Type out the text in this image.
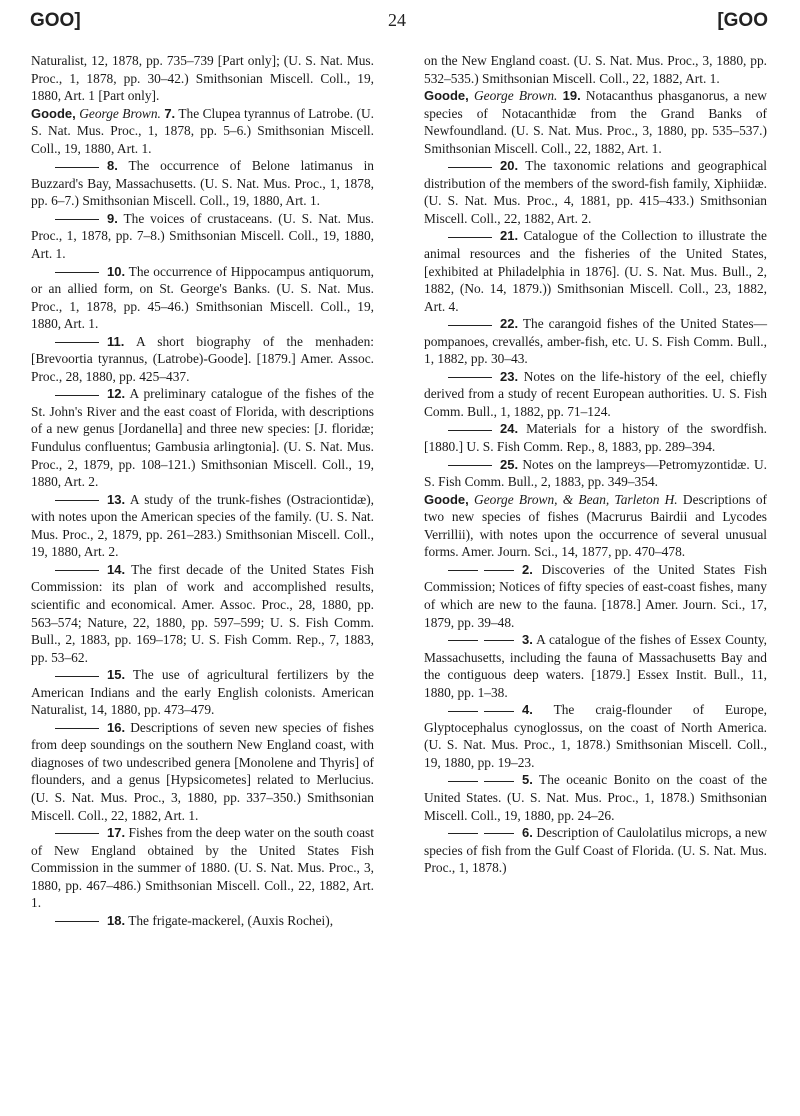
GOO]	24	[GOO

Naturalist, 12, 1878, pp. 735–739 [Part only]; (U. S. Nat. Mus. Proc., 1, 1878, pp. 30–42.) Smithsonian Miscell. Coll., 19, 1880, Art. 1 [Part only].

Goode, George Brown. 7. The Clupea tyrannus of Latrobe. (U. S. Nat. Mus. Proc., 1, 1878, pp. 5–6.) Smithsonian Miscell. Coll., 19, 1880, Art. 1.

8. The occurrence of Belone latimanus in Buzzard's Bay, Massachusetts. (U. S. Nat. Mus. Proc., 1, 1878, pp. 6–7.) Smithsonian Miscell. Coll., 19, 1880, Art. 1.

9. The voices of crustaceans. (U. S. Nat. Mus. Proc., 1, 1878, pp. 7–8.) Smithsonian Miscell. Coll., 19, 1880, Art. 1.

10. The occurrence of Hippocampus antiquorum, or an allied form, on St. George's Banks. (U. S. Nat. Mus. Proc., 1, 1878, pp. 45–46.) Smithsonian Miscell. Coll., 19, 1880, Art. 1.

11. A short biography of the menhaden: [Brevoortia tyrannus, (Latrobe)-Goode]. [1879.] Amer. Assoc. Proc., 28, 1880, pp. 425–437.

12. A preliminary catalogue of the fishes of the St. John's River and the east coast of Florida, with descriptions of a new genus [Jordanella] and three new species: [J. floridæ; Fundulus confluentus; Gambusia arlingtonia]. (U. S. Nat. Mus. Proc., 2, 1879, pp. 108–121.) Smithsonian Miscell. Coll., 19, 1880, Art. 2.

13. A study of the trunk-fishes (Ostraciontidæ), with notes upon the American species of the family. (U. S. Nat. Mus. Proc., 2, 1879, pp. 261–283.) Smithsonian Miscell. Coll., 19, 1880, Art. 2.

14. The first decade of the United States Fish Commission: its plan of work and accomplished results, scientific and economical. Amer. Assoc. Proc., 28, 1880, pp. 563–574; Nature, 22, 1880, pp. 597–599; U. S. Fish Comm. Bull., 2, 1883, pp. 169–178; U. S. Fish Comm. Rep., 7, 1883, pp. 53–62.

15. The use of agricultural fertilizers by the American Indians and the early English colonists. American Naturalist, 14, 1880, pp. 473–479.

16. Descriptions of seven new species of fishes from deep soundings on the southern New England coast, with diagnoses of two undescribed genera [Monolene and Thyris] of flounders, and a genus [Hypsicometes] related to Merlucius. (U. S. Nat. Mus. Proc., 3, 1880, pp. 337–350.) Smithsonian Miscell. Coll., 22, 1882, Art. 1.

17. Fishes from the deep water on the south coast of New England obtained by the United States Fish Commission in the summer of 1880. (U. S. Nat. Mus. Proc., 3, 1880, pp. 467–486.) Smithsonian Miscell. Coll., 22, 1882, Art. 1.

18. The frigate-mackerel, (Auxis Rochei),

on the New England coast. (U. S. Nat. Mus. Proc., 3, 1880, pp. 532–535.) Smithsonian Miscell. Coll., 22, 1882, Art. 1.

Goode, George Brown. 19. Notacanthus phasganorus, a new species of Notacanthidæ from the Grand Banks of Newfoundland. (U. S. Nat. Mus. Proc., 3, 1880, pp. 535–537.) Smithsonian Miscell. Coll., 22, 1882, Art. 1.

20. The taxonomic relations and geographical distribution of the members of the sword-fish family, Xiphiidæ. (U. S. Nat. Mus. Proc., 4, 1881, pp. 415–433.) Smithsonian Miscell. Coll., 22, 1882, Art. 2.

21. Catalogue of the Collection to illustrate the animal resources and the fisheries of the United States, [exhibited at Philadelphia in 1876]. (U. S. Nat. Mus. Bull., 2, 1882, (No. 14, 1879.)) Smithsonian Miscell. Coll., 23, 1882, Art. 4.

22. The carangoid fishes of the United States—pompanoes, crevallés, amber-fish, etc. U. S. Fish Comm. Bull., 1, 1882, pp. 30–43.

23. Notes on the life-history of the eel, chiefly derived from a study of recent European authorities. U. S. Fish Comm. Bull., 1, 1882, pp. 71–124.

24. Materials for a history of the swordfish. [1880.] U. S. Fish Comm. Rep., 8, 1883, pp. 289–394.

25. Notes on the lampreys—Petromyzontidæ. U. S. Fish Comm. Bull., 2, 1883, pp. 349–354.

Goode, George Brown, & Bean, Tarleton H. Descriptions of two new species of fishes (Macrurus Bairdii and Lycodes Verrillii), with notes upon the occurrence of several unusual forms. Amer. Journ. Sci., 14, 1877, pp. 470–478.

2. Discoveries of the United States Fish Commission; Notices of fifty species of east-coast fishes, many of which are new to the fauna. [1878.] Amer. Journ. Sci., 17, 1879, pp. 39–48.

3. A catalogue of the fishes of Essex County, Massachusetts, including the fauna of Massachusetts Bay and the contiguous deep waters. [1879.] Essex Instit. Bull., 11, 1880, pp. 1–38.

4. The craig-flounder of Europe, Glyptocephalus cynoglossus, on the coast of North America. (U. S. Nat. Mus. Proc., 1, 1878.) Smithsonian Miscell. Coll., 19, 1880, pp. 19–23.

5. The oceanic Bonito on the coast of the United States. (U. S. Nat. Mus. Proc., 1, 1878.) Smithsonian Miscell. Coll., 19, 1880, pp. 24–26.

6. Description of Caulolatilus microps, a new species of fish from the Gulf Coast of Florida. (U. S. Nat. Mus. Proc., 1, 1878.)
